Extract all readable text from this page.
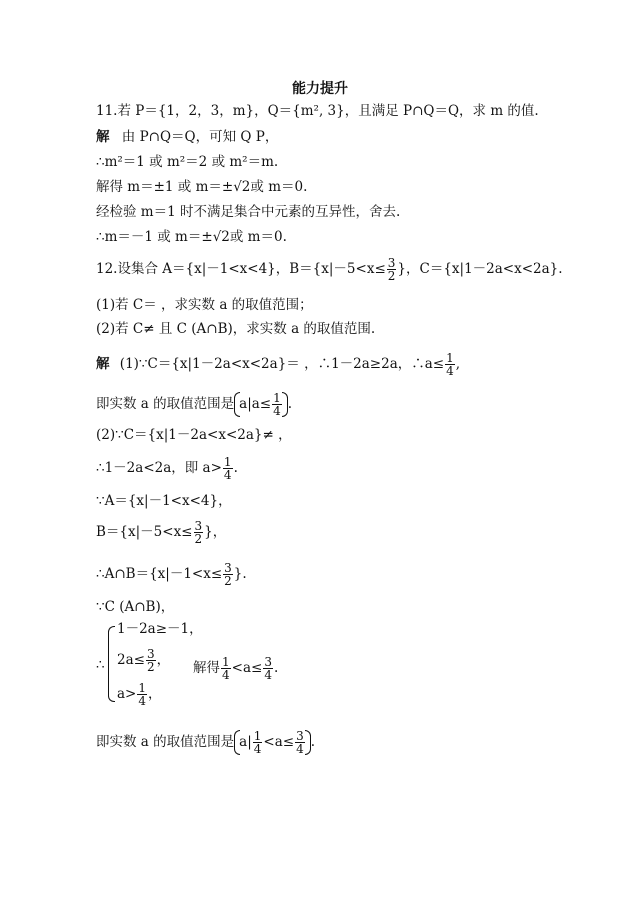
能力提升
11.若 P＝{1，2，3，m}，Q＝{m², 3}，且满足 P∩Q＝Q，求 m 的值.
解 由 P∩Q＝Q，可知 Q P，
∴m²＝1 或 m²＝2 或 m²＝m.
解得 m＝±1 或 m＝±√2或 m＝0.
经检验 m＝1 时不满足集合中元素的互异性，舍去.
∴m＝－1 或 m＝±√2或 m＝0.
12.设集合 A＝{x|－1<x<4}，$B=\{x|-5<x\le \frac{3}{2}$ }，C＝{x|1－2a<x<2a}.
(1)若 C＝ ，求实数 a 的取值范围；
(2)若 C≠ 且 C (A∩B)，求实数 a 的取值范围.
解 (1)∵C＝{x|1－2a<x<2a}＝ ，∴1－2a≥2a，∴a≤ $\frac{1}{4}$ ,
即实数 a 的取值范围是 $a|a\le \frac{1}{4}$ .
(2)∵C＝{x|1－2a<x<2a}≠ ，
∴1－2a<2a，即 $a> \frac{1}{4}$ .
∵A＝{x|－1<x<4}，
$B=\{x|-5<x\le \frac{3}{2}$ }，
∴A∩B＝{x|－1<x≤ $\frac{3}{2}$ }.
∵C (A∩B)，
∴
1－2a≥－1，
$2a\le \frac{3}{2}$ ，
$a> \frac{1}{4}$ ，
解得 $\frac{1}{4} <a\le \frac{3}{4}$ .
即实数 a 的取值范围是 $a| \frac{1}{4} <a\le \frac{3}{4}$ .
